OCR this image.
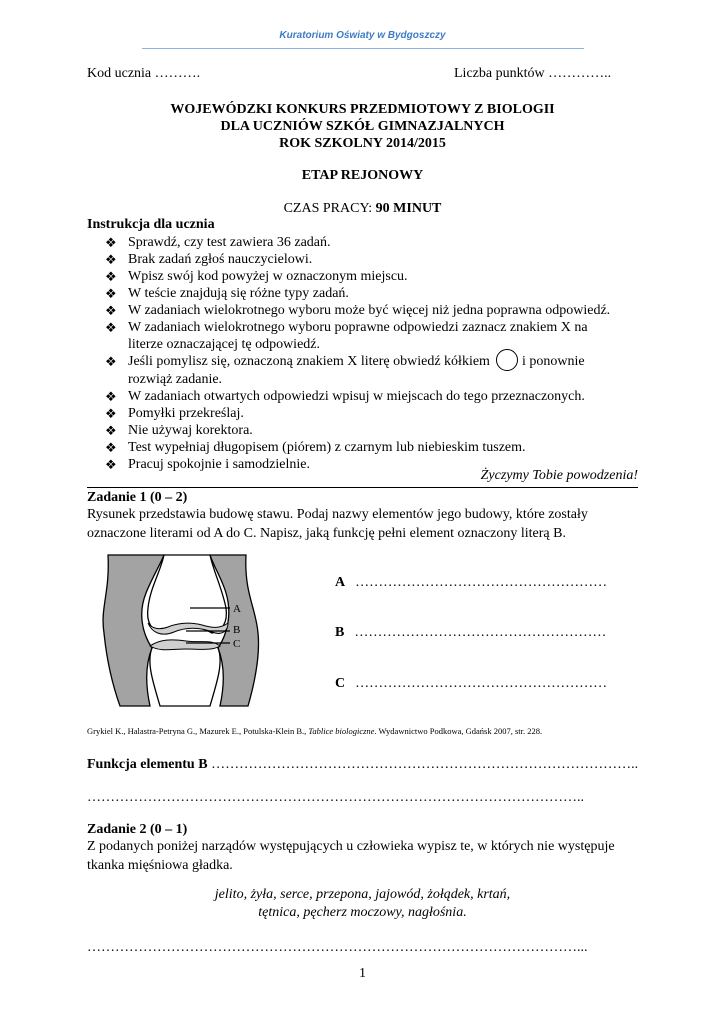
Kuratorium Oświaty w Bydgoszczy
Kod ucznia ……….	Liczba punktów …………..
WOJEWÓDZKI KONKURS PRZEDMIOTOWY Z BIOLOGII
DLA UCZNIÓW SZKÓŁ GIMNAZJALNYCH
ROK SZKOLNY 2014/2015
ETAP REJONOWY
CZAS PRACY: 90 MINUT
Instrukcja dla ucznia
❖ Sprawdź, czy test zawiera 36 zadań.
❖ Brak zadań zgłoś nauczycielowi.
❖ Wpisz swój kod powyżej w oznaczonym miejscu.
❖ W teście znajdują się różne typy zadań.
❖ W zadaniach wielokrotnego wyboru może być więcej niż jedna poprawna odpowiedź.
❖ W zadaniach wielokrotnego wyboru poprawne odpowiedzi zaznacz znakiem X na literze oznaczającej tę odpowiedź.
❖ Jeśli pomylisz się, oznaczoną znakiem X literę obwiedź kółkiem i ponownie rozwiąż zadanie.
❖ W zadaniach otwartych odpowiedzi wpisuj w miejscach do tego przeznaczonych.
❖ Pomyłki przekreślaj.
❖ Nie używaj korektora.
❖ Test wypełniaj długopisem (piórem) z czarnym lub niebieskim tuszem.
❖ Pracuj spokojnie i samodzielnie.
Życzymy Tobie powodzenia!
Zadanie 1 (0 – 2)
Rysunek przedstawia budowę stawu. Podaj nazwy elementów jego budowy, które zostały oznaczone literami od A do C. Napisz, jaką funkcję pełni element oznaczony literą B.
A
B
C
A ………………………………………………
B ………………………………………………
C ………………………………………………
Grykiel K., Halastra-Petryna G., Mazurek E., Potulska-Klein B., Tablice biologiczne. Wydawnictwo Podkowa, Gdańsk 2007, str. 228.
Funkcja elementu B ………………………………………………………………………………..
……………………………………………………………………………………………..
Zadanie 2 (0 – 1)
Z podanych poniżej narządów występujących u człowieka wypisz te, w których nie występuje tkanka mięśniowa gładka.
jelito, żyła, serce, przepona, jajowód, żołądek, krtań,
tętnica, pęcherz moczowy, nagłośnia.
……………………………………………………………………………………………...
1
